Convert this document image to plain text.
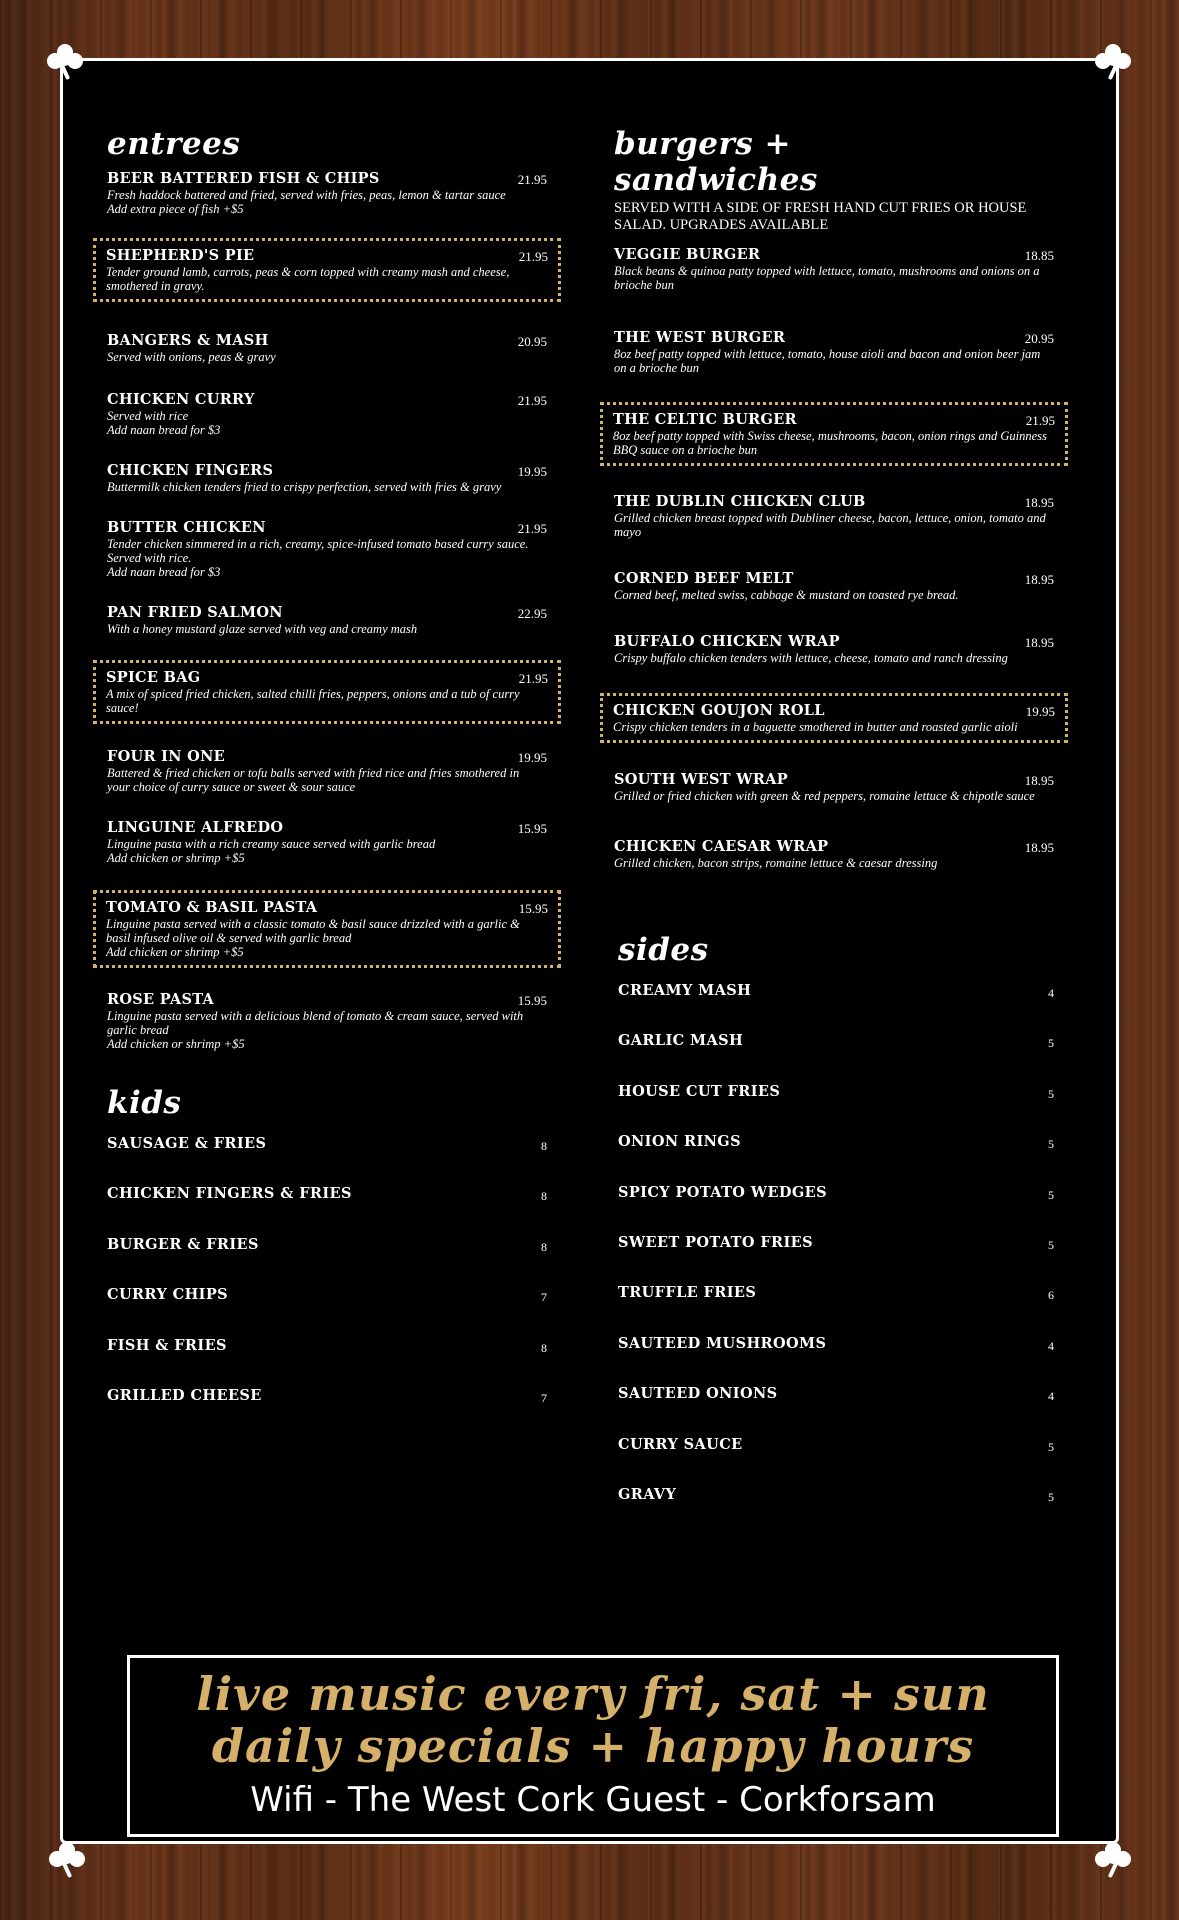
entrees
BEER BATTERED FISH & CHIPS	21.95
Fresh haddock battered and fried, served with fries, peas, lemon & tartar sauce
Add extra piece of fish +$5
SHEPHERD'S PIE	21.95
Tender ground lamb, carrots, peas & corn topped with creamy mash and cheese, smothered in gravy.
BANGERS & MASH	20.95
Served with onions, peas & gravy
CHICKEN CURRY	21.95
Served with rice
Add naan bread for $3
CHICKEN FINGERS	19.95
Buttermilk chicken tenders fried to crispy perfection, served with fries & gravy
BUTTER CHICKEN	21.95
Tender chicken simmered in a rich, creamy, spice-infused tomato based curry sauce. Served with rice.
Add naan bread for $3
PAN FRIED SALMON	22.95
With a honey mustard glaze served with veg and creamy mash
SPICE BAG	21.95
A mix of spiced fried chicken, salted chilli fries, peppers, onions and a tub of curry sauce!
FOUR IN ONE	19.95
Battered & fried chicken or tofu balls served with fried rice and fries smothered in your choice of curry sauce or sweet & sour sauce
LINGUINE ALFREDO	15.95
Linguine pasta with a rich creamy sauce served with garlic bread
Add chicken or shrimp +$5
TOMATO & BASIL PASTA	15.95
Linguine pasta served with a classic tomato & basil sauce drizzled with a garlic & basil infused olive oil & served with garlic bread
Add chicken or shrimp +$5
ROSE PASTA	15.95
Linguine pasta served with a delicious blend of tomato & cream sauce, served with garlic bread
Add chicken or shrimp +$5
kids
SAUSAGE & FRIES	8
CHICKEN FINGERS & FRIES	8
BURGER & FRIES	8
CURRY CHIPS	7
FISH & FRIES	8
GRILLED CHEESE	7
burgers +
sandwiches
SERVED WITH A SIDE OF FRESH HAND CUT FRIES OR HOUSE SALAD. UPGRADES AVAILABLE
VEGGIE BURGER	18.85
Black beans & quinoa patty topped with lettuce, tomato, mushrooms and onions on a brioche bun
THE WEST BURGER	20.95
8oz beef patty topped with lettuce, tomato, house aioli and bacon and onion beer jam on a brioche bun
THE CELTIC BURGER	21.95
8oz beef patty topped with Swiss cheese, mushrooms, bacon, onion rings and Guinness BBQ sauce on a brioche bun
THE DUBLIN CHICKEN CLUB	18.95
Grilled chicken breast topped with Dubliner cheese, bacon, lettuce, onion, tomato and mayo
CORNED BEEF MELT	18.95
Corned beef, melted swiss, cabbage & mustard on toasted rye bread.
BUFFALO CHICKEN WRAP	18.95
Crispy buffalo chicken tenders with lettuce, cheese, tomato and ranch dressing
CHICKEN GOUJON ROLL	19.95
Crispy chicken tenders in a baguette smothered in butter and roasted garlic aioli
SOUTH WEST WRAP	18.95
Grilled or fried chicken with green & red peppers, romaine lettuce & chipotle sauce
CHICKEN CAESAR WRAP	18.95
Grilled chicken, bacon strips, romaine lettuce & caesar dressing
sides
CREAMY MASH	4
GARLIC MASH	5
HOUSE CUT FRIES	5
ONION RINGS	5
SPICY POTATO WEDGES	5
SWEET POTATO FRIES	5
TRUFFLE FRIES	6
SAUTEED MUSHROOMS	4
SAUTEED ONIONS	4
CURRY SAUCE	5
GRAVY	5
live music every fri, sat + sun
daily specials + happy hours
Wifi - The West Cork Guest - Corkforsam
